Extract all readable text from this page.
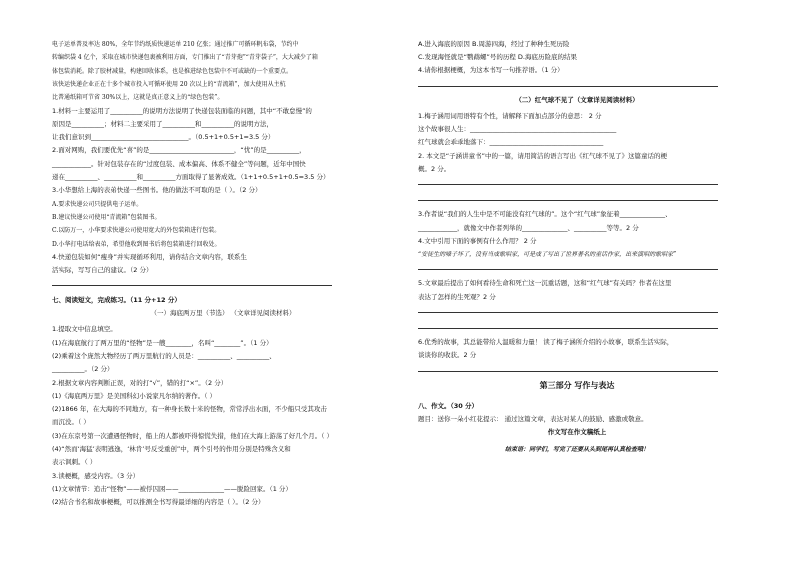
电子运单普及率达 80%，全年节约纸质快递运单 210 亿张；通过推广可循环帆布袋，节约中
转编织袋 4 亿个，采取在城市快递包裹被利用方面，专门推出了“青芽孢”“青芽袋子”，大大减少了箱
体包装消耗。除了胶材减量，构建回收体系，也是推进绿色包装中不可或缺的一个重要点。
该快运快递企业正在十多个城市投入可循环使用 20 次以上的“青流箱”，加大使用从主杭
比普通纸箱可节省 30%以上，这就是真正意义上的“绿色包装”。
1.材料一主要运用了__________的说明方法说明了快递包装面临的问题，其中“不敢怠慢”的
原因是__________；材料二主要采用了__________和__________的说明方法，
让我们意识到______________________________。（0.5+1+0.5+1=3.5 分）
2.面对网购，我们要优先“喜”的是__________________________，“忧”的是__________，
____________。针对包装存在的“过度包装、成本偏高、体系不健全”等问题，近年中国快
递在__________、__________和__________方面取得了显著成效。（1+1+0.5+1+0.5=3.5 分）
3.小华想给上海的表弟快递一些图书。他的做法不可取的是（ ）。（2 分）
A.要求快递公司只提供电子运单。
B.建议快递公司使用“青流箱”包装图书。
C.以防万一，小华要求快递公司使用宽大的外包装箱进行包装。
D.小华打电话给表弟，希望他收到图书后将包装箱进行回收处。
4.快递包装如何“瘦身”并实现循环利用，请你结合文章内容，联系生
活实际，写写自己的建议。（2 分）
七、阅读短文，完成练习。（11 分+12 分）
（一）海底两万里（节选） （文章详见阅读材料）
1.提取文中信息填空。
(1)在海底航行了两万里的“怪物”是一艘________，名叫“________”。（1 分）
(2)乘着这个庞然大物经历了两万里航行的人员是：__________、__________、
__________。（2 分）
2.根据文章内容判断正误，对的打“√”，错的打“×”。（2 分）
(1)《海底两万里》是美国科幻小说家凡尔纳的著作。（ ）
(2)1866 年，在大海的不同地方，有一种身长数十米的怪物，常常浮出水面，不少船只受其攻击
而沉没。（ ）
(3)在东京号第一次遭遇怪物时，船上的人都被吓得惊慌失措，他们在大海上游荡了好几个月。（ ）
(4)“然而‘海猛’表明逃逸，‘林肯’号反受重创”中，两个引号的作用分别是特殊含义和
表示讽刺。（ ）
3.读梗概，感受内容。（3 分）
(1)文章情节：追击“怪物”——被俘囚困——______________——脱险回家。（1 分）
(2)结合书名和故事梗概，可以推测全书写得最详细的内容是（ ）。（2 分）
A.进入海底的原因 B.周游四海，经过了种种生死历险
C.发现海怪就是“鹦鹉螺”号的历程 D.海底历险底的结果
4.请你根据梗概，为这本书写一句推荐语。（1 分）
（二）红气球不见了（文章详见阅读材料）
1.梅子涵用词用语特有个性，请解释下面加点部分的意思： 2 分
这个故事很人生：_____________________________________________
红气球就会乖乖地落下：___________________________________
2. 本文是“子涵讲童书”中的一篇，请用简洁的语言写出《红气球不见了》这篇童话的梗
概。2 分。
3.作者说“我们的人生中是不可能没有红气球的”。这个“红气球”象征着______________、
____________，就像文中作者列举的______________、__________等等。2 分
4.文中引用下面的事例有什么作用？ 2 分
“安徒生的嗓子坏了，没有当成歌唱家，可是成了写出了世界著名的童话作家，出来演唱的歌唱家”
5.文章最后提出了如何看待生命和死亡这一沉重话题，这和“红气球”有关吗？作者在这里
表达了怎样的生死观？2 分
6.优秀的故事，其总能带给人温暖和力量！ 读了梅子涵所介绍的小故事，联系生活实际，
谈谈你的收获。2 分
第三部分 写作与表达
八、作文。（30 分）
题目：送你一朵小红花提示： 通过这篇文章，表达对某人的鼓励、感激或敬意。
作文写在作文稿纸上
结束语：同学们，写完了还要从头到尾再认真检查哦！
